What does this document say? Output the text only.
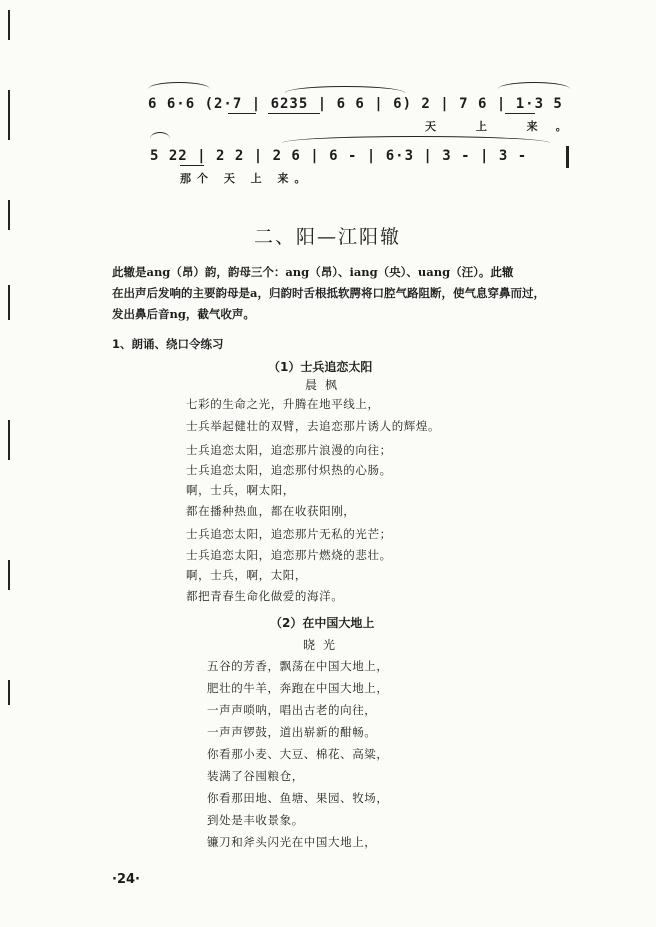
6 6·6 (2·7 | 6235 | 6 6 | 6) 2 | 7 6 | 1·3 5
天 上 来。
5 22 | 2 2 | 2 6 | 6 - | 6·3 | 3 - | 3 -
那个 天 上 来。
二、阳—江阳辙
此辙是ang（昂）韵，韵母三个：ang（昂）、iang（央）、uang（汪）。此辙
在出声后发响的主要韵母是a，归韵时舌根抵软腭将口腔气路阻断，使气息穿鼻而过，
发出鼻后音ng，截气收声。
1、朗诵、绕口令练习
（1）士兵追恋太阳
晨枫
七彩的生命之光，升腾在地平线上，
士兵举起健壮的双臂，去追恋那片诱人的辉煌。
士兵追恋太阳，追恋那片浪漫的向往；
士兵追恋太阳，追恋那付炽热的心肠。
啊，士兵，啊太阳，
都在播种热血，都在收获阳刚，
士兵追恋太阳，追恋那片无私的光芒；
士兵追恋太阳，追恋那片燃烧的悲壮。
啊，士兵，啊，太阳，
都把青春生命化做爱的海洋。
（2）在中国大地上
晓光
五谷的芳香，飘荡在中国大地上，
肥壮的牛羊，奔跑在中国大地上，
一声声唢呐，唱出古老的向往，
一声声锣鼓，道出崭新的酣畅。
你看那小麦、大豆、棉花、高粱，
装满了谷囤粮仓，
你看那田地、鱼塘、果园、牧场，
到处是丰收景象。
镰刀和斧头闪光在中国大地上，
·24·
